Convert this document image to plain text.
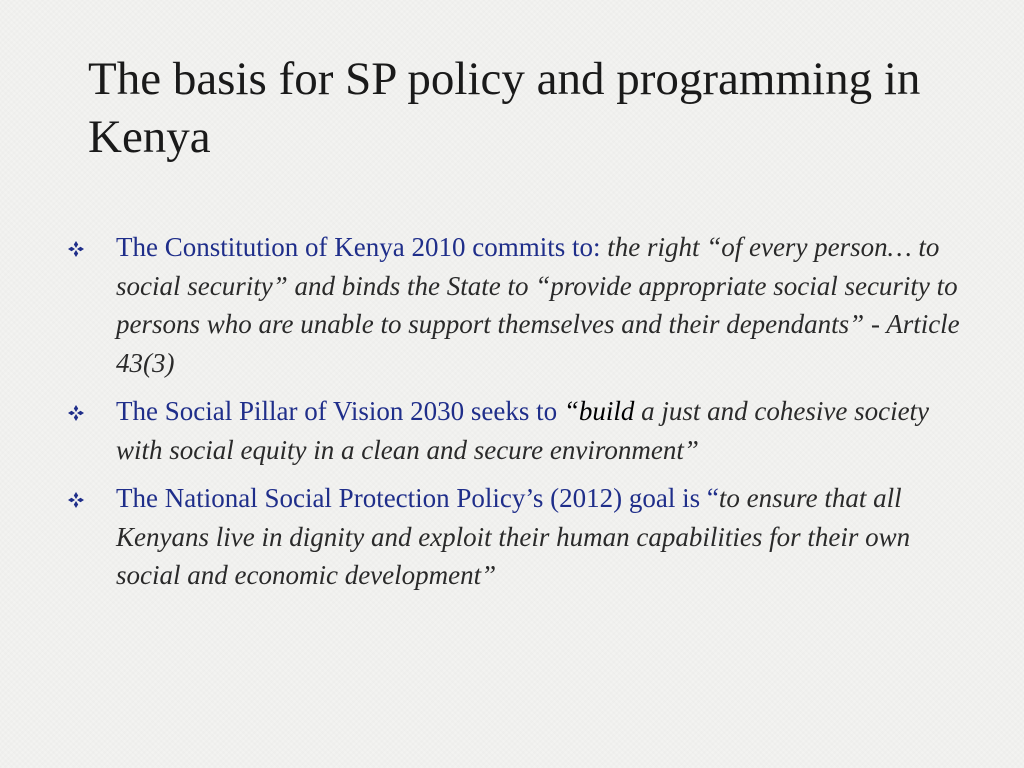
The basis for SP policy and programming in Kenya
The Constitution of Kenya 2010 commits to: the right “of every person… to social security” and binds the State to “provide appropriate social security to persons who are unable to support themselves and their dependants” - Article 43(3)
The Social Pillar of Vision 2030 seeks to “build a just and cohesive society with social equity in a clean and secure environment”
The National Social Protection Policy’s (2012) goal is “to ensure that all Kenyans live in dignity and exploit their human capabilities for their own social and economic development”
